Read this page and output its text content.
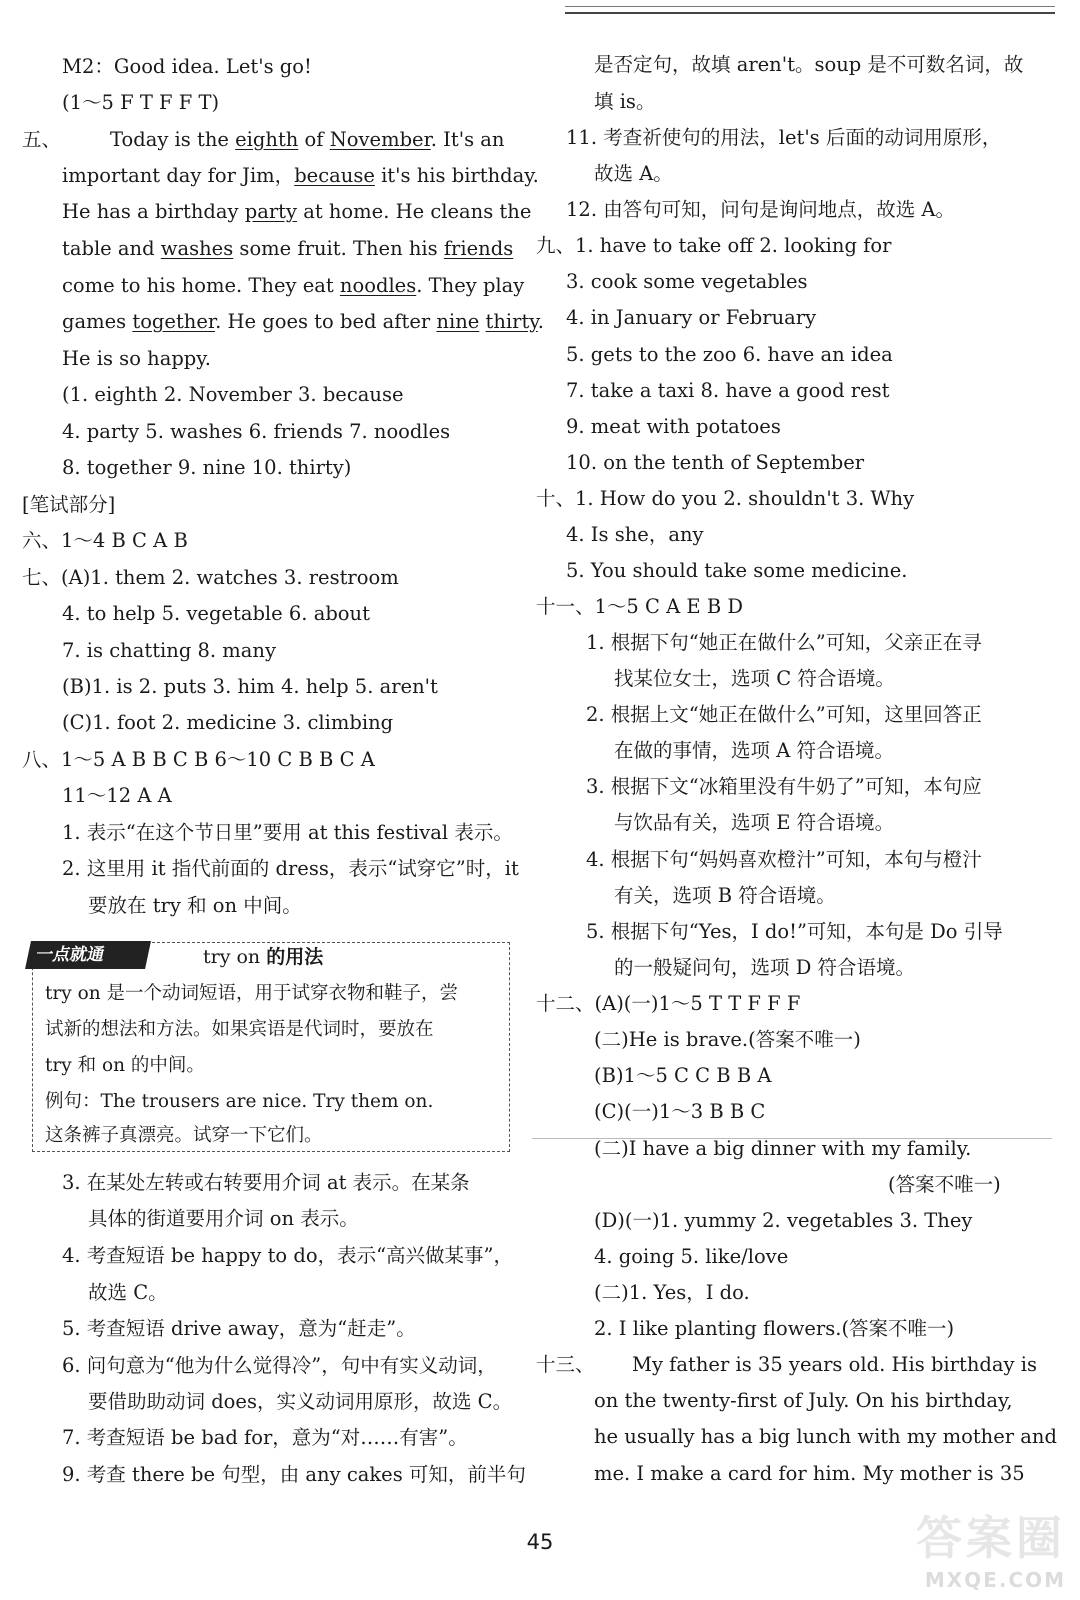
M2：Good idea. Let's go!
(1～5 F T F F T)
五、
important day for Jim，because it's his birthday.
He has a birthday party at home. He cleans the
table and washes some fruit. Then his friends
come to his home. They eat noodles. They play
games together. He goes to bed after nine thirty.
He is so happy.
(1. eighth 2. November 3. because
4. party 5. washes 6. friends 7. noodles
8. together 9. nine 10. thirty)
[笔试部分]
六、1～4 B C A B
七、(A)1. them 2. watches 3. restroom
4. to help 5. vegetable 6. about
7. is chatting 8. many
(B)1. is 2. puts 3. him 4. help 5. aren't
(C)1. foot 2. medicine 3. climbing
八、1～5 A B B C B 6～10 C B B C A
11～12 A A
1. 表示“在这个节日里”要用 at this festival 表示。
2. 这里用 it 指代前面的 dress，表示“试穿它”时，it
要放在 try 和 on 中间。
3. 在某处左转或右转要用介词 at 表示。在某条
具体的街道要用介词 on 表示。
4. 考查短语 be happy to do，表示“高兴做某事”，
故选 C。
5. 考查短语 drive away，意为“赶走”。
6. 问句意为“他为什么觉得冷”，句中有实义动词，
要借助助动词 does，实义动词用原形，故选 C。
7. 考查短语 be bad for，意为“对……有害”。
9. 考查 there be 句型，由 any cakes 可知，前半句
是否定句，故填 aren't。soup 是不可数名词，故
填 is。
11. 考查祈使句的用法，let's 后面的动词用原形，
故选 A。
12. 由答句可知，问句是询问地点，故选 A。
九、1. have to take off 2. looking for
3. cook some vegetables
4. in January or February
5. gets to the zoo 6. have an idea
7. take a taxi 8. have a good rest
9. meat with potatoes
10. on the tenth of September
十、1. How do you 2. shouldn't 3. Why
4. Is she，any
5. You should take some medicine.
十一、1～5 C A E B D
1. 根据下句“她正在做什么”可知，父亲正在寻
找某位女士，选项 C 符合语境。
2. 根据上文“她正在做什么”可知，这里回答正
在做的事情，选项 A 符合语境。
3. 根据下文“冰箱里没有牛奶了”可知，本句应
与饮品有关，选项 E 符合语境。
4. 根据下句“妈妈喜欢橙汁”可知，本句与橙汁
有关，选项 B 符合语境。
5. 根据下句“Yes，I do!”可知，本句是 Do 引导
的一般疑问句，选项 D 符合语境。
十二、(A)(一)1～5 T T F F F
(二)He is brave.(答案不唯一)
(B)1～5 C C B B A
(C)(一)1～3 B B C
(二)I have a big dinner with my family.
(答案不唯一)
(D)(一)1. yummy 2. vegetables 3. They
4. going 5. like/love
(二)1. Yes，I do.
2. I like planting flowers.(答案不唯一)
十三、
on the twenty-first of July. On his birthday,
he usually has a big lunch with my mother and
me. I make a card for him. My mother is 35
Today is the eighth of November. It's an
My father is 35 years old. His birthday is
一点就通	try on 的用法
try on 是一个动词短语，用于试穿衣物和鞋子，尝
试新的想法和方法。如果宾语是代词时，要放在
try 和 on 的中间。
例句：The trousers are nice. Try them on.
这条裤子真漂亮。试穿一下它们。
45	答案圈
MXQE.COM
